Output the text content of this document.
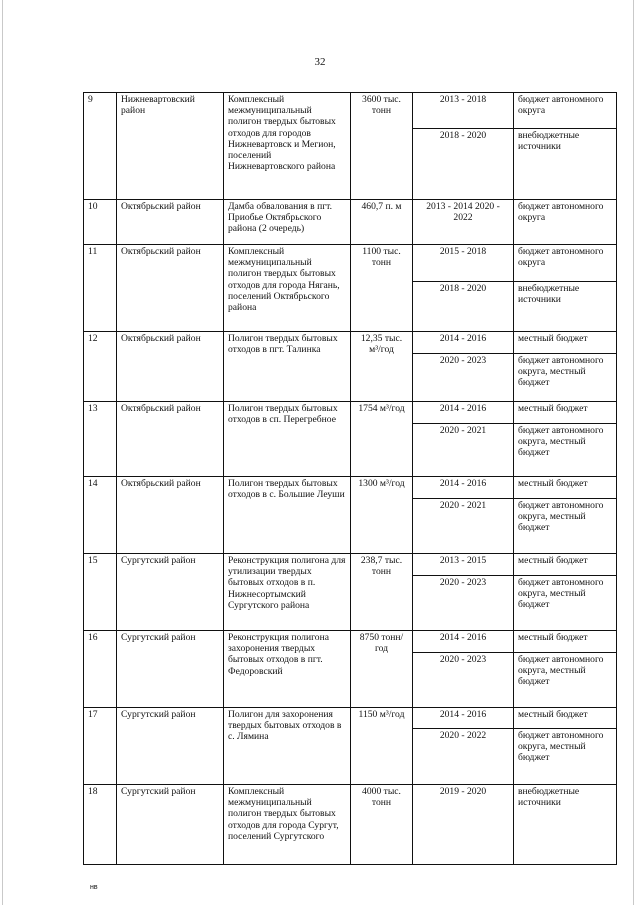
32
9	Нижневартовский район	Комплексный межмуниципальный полигон твердых бытовых отходов для городов Нижневартовск и Мегион, поселений Нижневартовского района	3600 тыс. тонн	2013 - 2018	бюджет автономного округа
				2018 - 2020	внебюджетные источники
10	Октябрьский район	Дамба обвалования в пгт. Приобье Октябрьского района (2 очередь)	460,7 п. м	2013 - 2014 2020 - 2022	бюджет автономного округа
11	Октябрьский район	Комплексный межмуниципальный полигон твердых бытовых отходов для города Нягань, поселений Октябрьского района	1100 тыс. тонн	2015 - 2018	бюджет автономного округа
				2018 - 2020	внебюджетные источники
12	Октябрьский район	Полигон твердых бытовых отходов в пгт. Талинка	12,35 тыс. м³/год	2014 - 2016	местный бюджет
				2020 - 2023	бюджет автономного округа, местный бюджет
13	Октябрьский район	Полигон твердых бытовых отходов в сп. Перегребное	1754 м³/год	2014 - 2016	местный бюджет
				2020 - 2021	бюджет автономного округа, местный бюджет
14	Октябрьский район	Полигон твердых бытовых отходов в с. Большие Леуши	1300 м³/год	2014 - 2016	местный бюджет
				2020 - 2021	бюджет автономного округа, местный бюджет
15	Сургутский район	Реконструкция полигона для утилизации твердых бытовых отходов в п. Нижнесортымский Сургутского района	238,7 тыс. тонн	2013 - 2015	местный бюджет
				2020 - 2023	бюджет автономного округа, местный бюджет
16	Сургутский район	Реконструкция полигона захоронения твердых бытовых отходов в пгт. Федоровский	8750 тонн/год	2014 - 2016	местный бюджет
				2020 - 2023	бюджет автономного округа, местный бюджет
17	Сургутский район	Полигон для захоронения твердых бытовых отходов в с. Лямина	1150 м³/год	2014 - 2016	местный бюджет
				2020 - 2022	бюджет автономного округа, местный бюджет
18	Сургутский район	Комплексный межмуниципальный полигон твердых бытовых отходов для города Сургут, поселений Сургутского	4000 тыс. тонн	2019 - 2020	внебюджетные источники
нв
